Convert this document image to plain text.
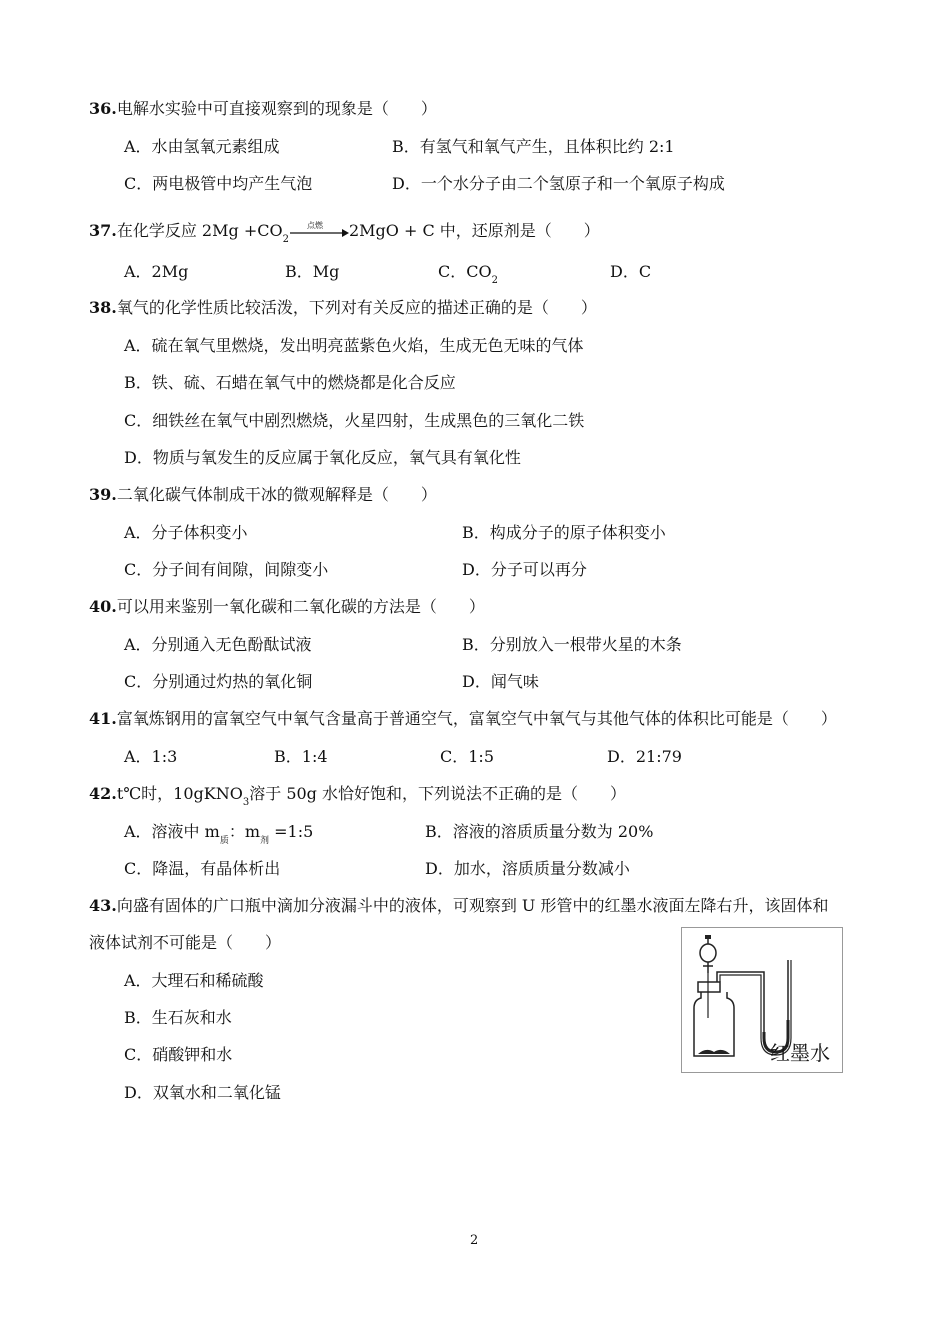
36.电解水实验中可直接观察到的现象是（　　）
A．水由氢氧元素组成	B．有氢气和氧气产生，且体积比约 2:1
C．两电极管中均产生气泡	D．一个水分子由二个氢原子和一个氧原子构成
37.在化学反应 $2Mg +CO_2$
点燃 2MgO + C 中，还原剂是（　　）
A．2Mg	B．Mg	C．$CO_2$	D．C
38.氧气的化学性质比较活泼，下列对有关反应的描述正确的是（　　）
A．硫在氧气里燃烧，发出明亮蓝紫色火焰，生成无色无味的气体
B．铁、硫、石蜡在氧气中的燃烧都是化合反应
C．细铁丝在氧气中剧烈燃烧，火星四射，生成黑色的三氧化二铁
D．物质与氧发生的反应属于氧化反应，氧气具有氧化性
39.二氧化碳气体制成干冰的微观解释是（　　）
A．分子体积变小	B．构成分子的原子体积变小
C．分子间有间隙，间隙变小	D．分子可以再分
40.可以用来鉴别一氧化碳和二氧化碳的方法是（　　）
A．分别通入无色酚酞试液	B．分别放入一根带火星的木条
C．分别通过灼热的氧化铜	D．闻气味
41.富氧炼钢用的富氧空气中氧气含量高于普通空气，富氧空气中氧气与其他气体的体积比可能是（　　）
A．1:3	B．1:4	C．1:5	D．21:79
42.t℃时，10gKNO$_3$溶于 50g 水恰好饱和，下列说法不正确的是（　　）
A．溶液中 $m_质$：$m_剂$ =1:5	B．溶液的溶质质量分数为 20%
C．降温，有晶体析出	D．加水，溶质质量分数减小
43.向盛有固体的广口瓶中滴加分液漏斗中的液体，可观察到 U 形管中的红墨水液面左降右升，该固体和
液体试剂不可能是（　　）
A．大理石和稀硫酸
B．生石灰和水
C．硝酸钾和水
D．双氧水和二氧化锰
红墨水
2
